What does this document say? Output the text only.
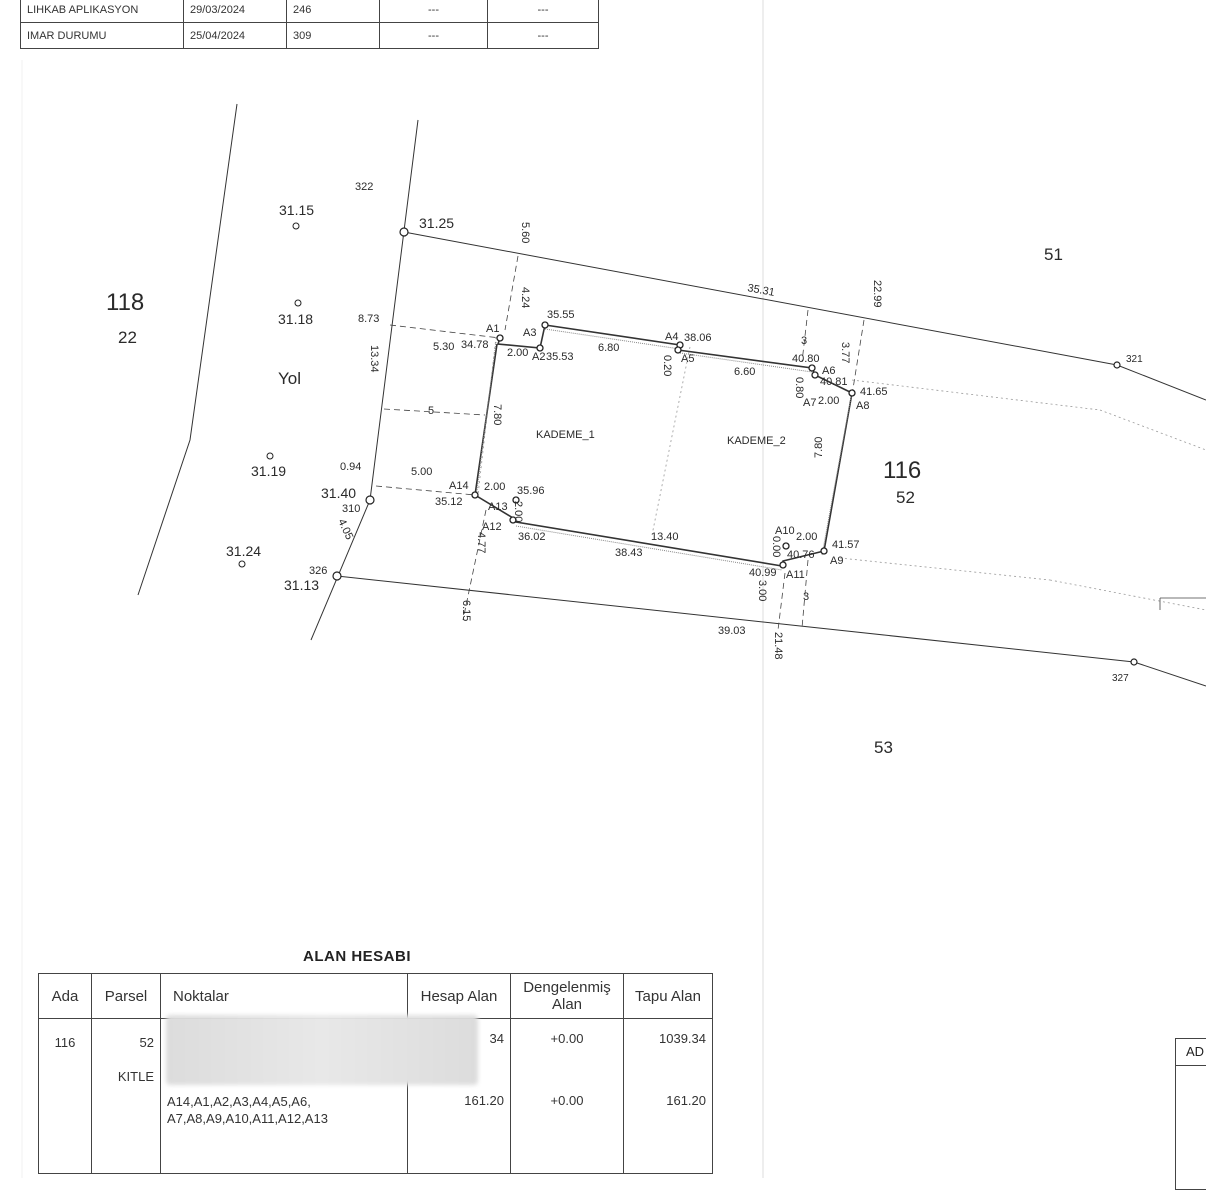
LIHKAB APLIKASYON	29/03/2024	246	---	---
IMAR DURUMU	25/04/2024	309	---	---
118
22
116
52
51
53
Yol
KADEME_1	KADEME_2
322
321
310
326
327
31.15
31.18
31.19
31.24
31.25
31.40
31.13
A1
A2
A3	A4
A5
A6
A7	A8
A9
A10
A11
A12
A13
A14
34.78
35.53
35.55
38.06
40.80
40.81
41.65
41.57
40.76
40.99
36.02
35.96
35.12
5.60
4.24	35.31	22.99
8.73
5.30	2.00	6.80
0.20	6.60
3
3.77
0.80
2.00
13.34
5	7.80
0.94	5.00
2.00
2.00
4.77
4.05	13.40
38.43
2.00
0.00
3.00	3
6.15
39.03
21.48
7.80
ALAN HESABI
Ada	Parsel	Noktalar	Hesap Alan	Dengelenmiş Alan	Tapu Alan
116	52		34	+0.00	1039.34
	KITLE	A14,A1,A2,A3,A4,A5,A6,
A7,A8,A9,A10,A11,A12,A13	161.20	+0.00	161.20
AD
